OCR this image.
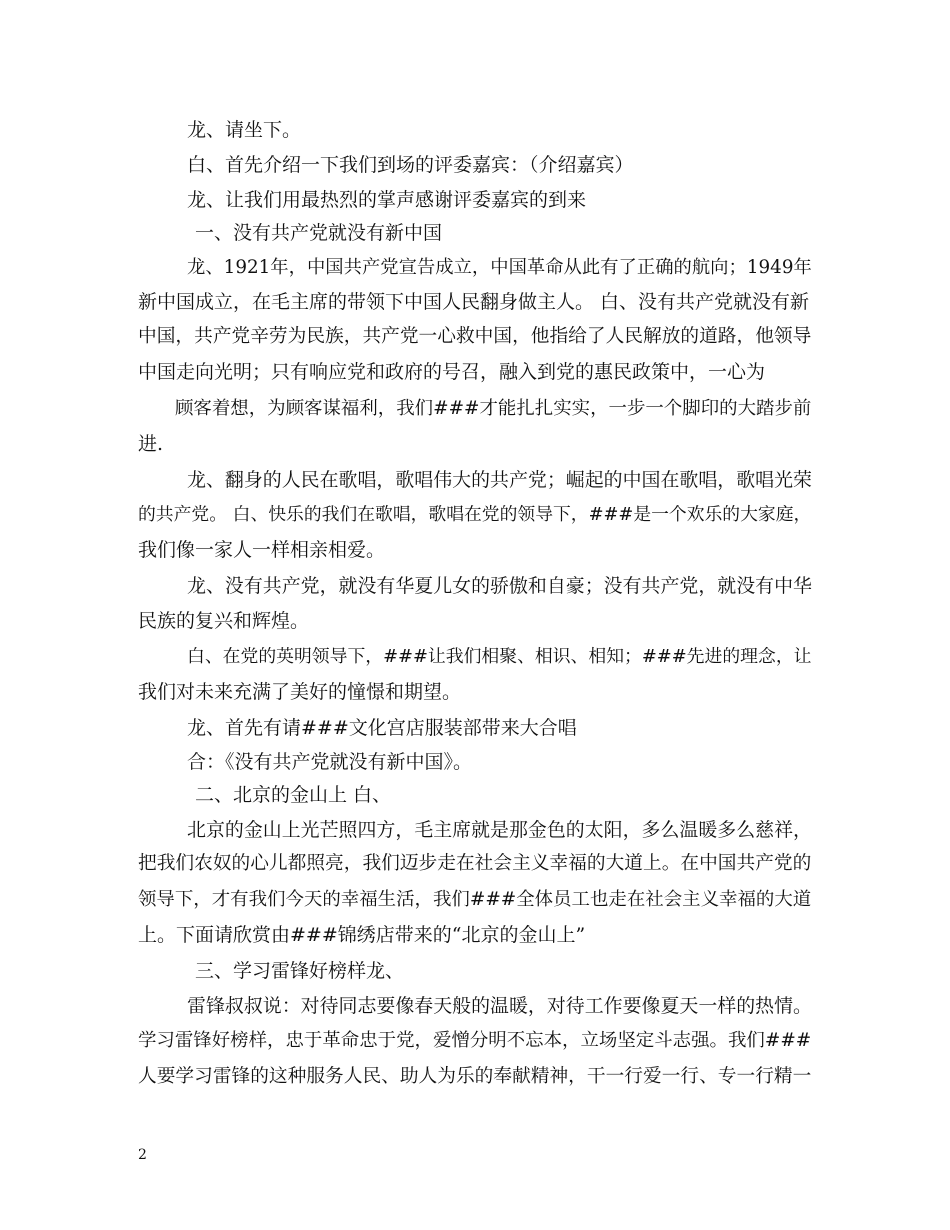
龙、请坐下。
白、首先介绍一下我们到场的评委嘉宾：（介绍嘉宾）
龙、让我们用最热烈的掌声感谢评委嘉宾的到来
一、没有共产党就没有新中国
龙、1921年，中国共产党宣告成立，中国革命从此有了正确的航向；1949年
新中国成立，在毛主席的带领下中国人民翻身做主人。 白、没有共产党就没有新
中国，共产党辛劳为民族，共产党一心救中国，他指给了人民解放的道路，他领导
中国走向光明；只有响应党和政府的号召，融入到党的惠民政策中，一心为
顾客着想，为顾客谋福利，我们###才能扎扎实实，一步一个脚印的大踏步前
进.
龙、翻身的人民在歌唱，歌唱伟大的共产党；崛起的中国在歌唱，歌唱光荣
的共产党。 白、快乐的我们在歌唱，歌唱在党的领导下，###是一个欢乐的大家庭，
我们像一家人一样相亲相爱。
龙、没有共产党，就没有华夏儿女的骄傲和自豪；没有共产党，就没有中华
民族的复兴和辉煌。
白、在党的英明领导下，###让我们相聚、相识、相知；###先进的理念，让
我们对未来充满了美好的憧憬和期望。
龙、首先有请###文化宫店服装部带来大合唱
合：《没有共产党就没有新中国》。
二、北京的金山上 白、
北京的金山上光芒照四方，毛主席就是那金色的太阳，多么温暖多么慈祥，
把我们农奴的心儿都照亮，我们迈步走在社会主义幸福的大道上。在中国共产党的
领导下，才有我们今天的幸福生活，我们###全体员工也走在社会主义幸福的大道
上。下面请欣赏由###锦绣店带来的“北京的金山上”
三、学习雷锋好榜样龙、
雷锋叔叔说：对待同志要像春天般的温暖，对待工作要像夏天一样的热情。
学习雷锋好榜样，忠于革命忠于党，爱憎分明不忘本，立场坚定斗志强。我们###
人要学习雷锋的这种服务人民、助人为乐的奉献精神，干一行爱一行、专一行精一
2
